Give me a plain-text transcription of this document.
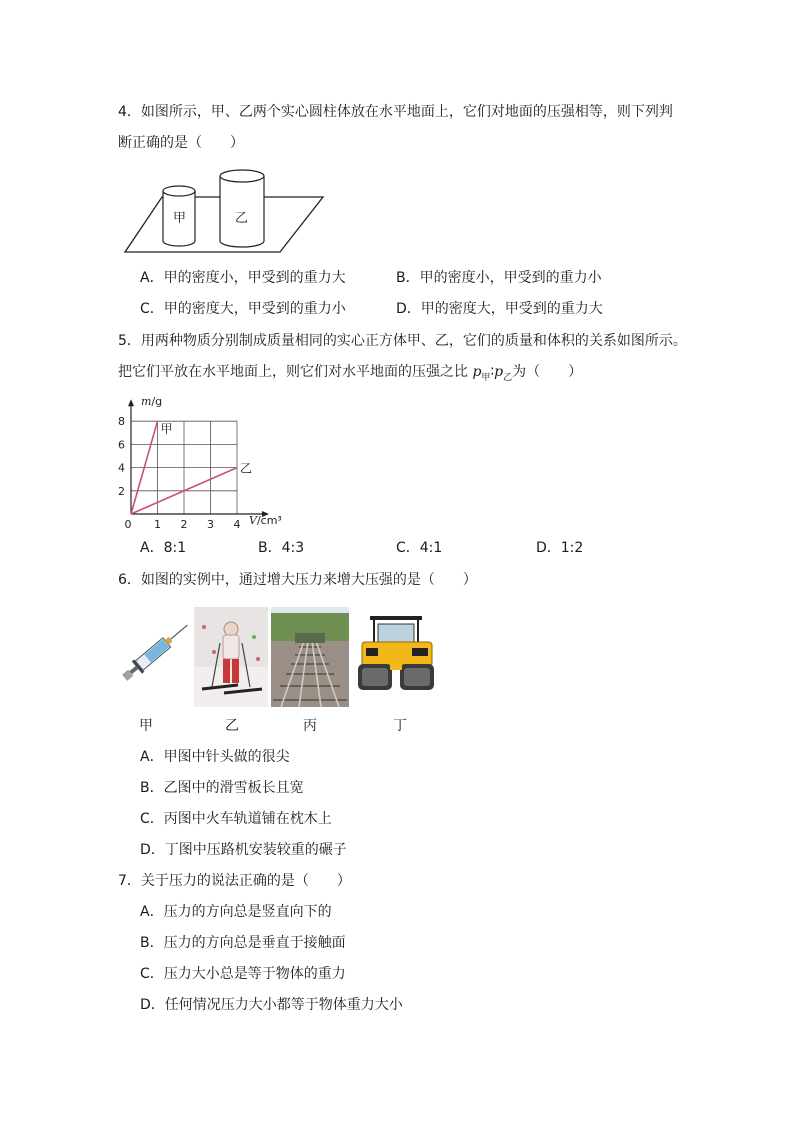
4．如图所示，甲、乙两个实心圆柱体放在水平地面上，它们对地面的压强相等，则下列判
断正确的是（　　）
甲	乙
A．甲的密度小，甲受到的重力大	B．甲的密度小，甲受到的重力小
C．甲的密度大，甲受到的重力小	D．甲的密度大，甲受到的重力大
5．用两种物质分别制成质量相同的实心正方体甲、乙，它们的质量和体积的关系如图所示。
把它们平放在水平地面上，则它们对水平地面的压强之比 $p_甲∶p_乙$为（　　）
甲
乙
1 2 3 4
2
4
6
8
0
m/g
V/cm³
A．8:1	B．4:3	C．4:1	D．1:2
6．如图的实例中，通过增大压力来增大压强的是（　　）
甲	乙	丙	丁
A．甲图中针头做的很尖
B．乙图中的滑雪板长且宽
C．丙图中火车轨道铺在枕木上
D．丁图中压路机安装较重的碾子
7．关于压力的说法正确的是（　　）
A．压力的方向总是竖直向下的
B．压力的方向总是垂直于接触面
C．压力大小总是等于物体的重力
D．任何情况压力大小都等于物体重力大小
